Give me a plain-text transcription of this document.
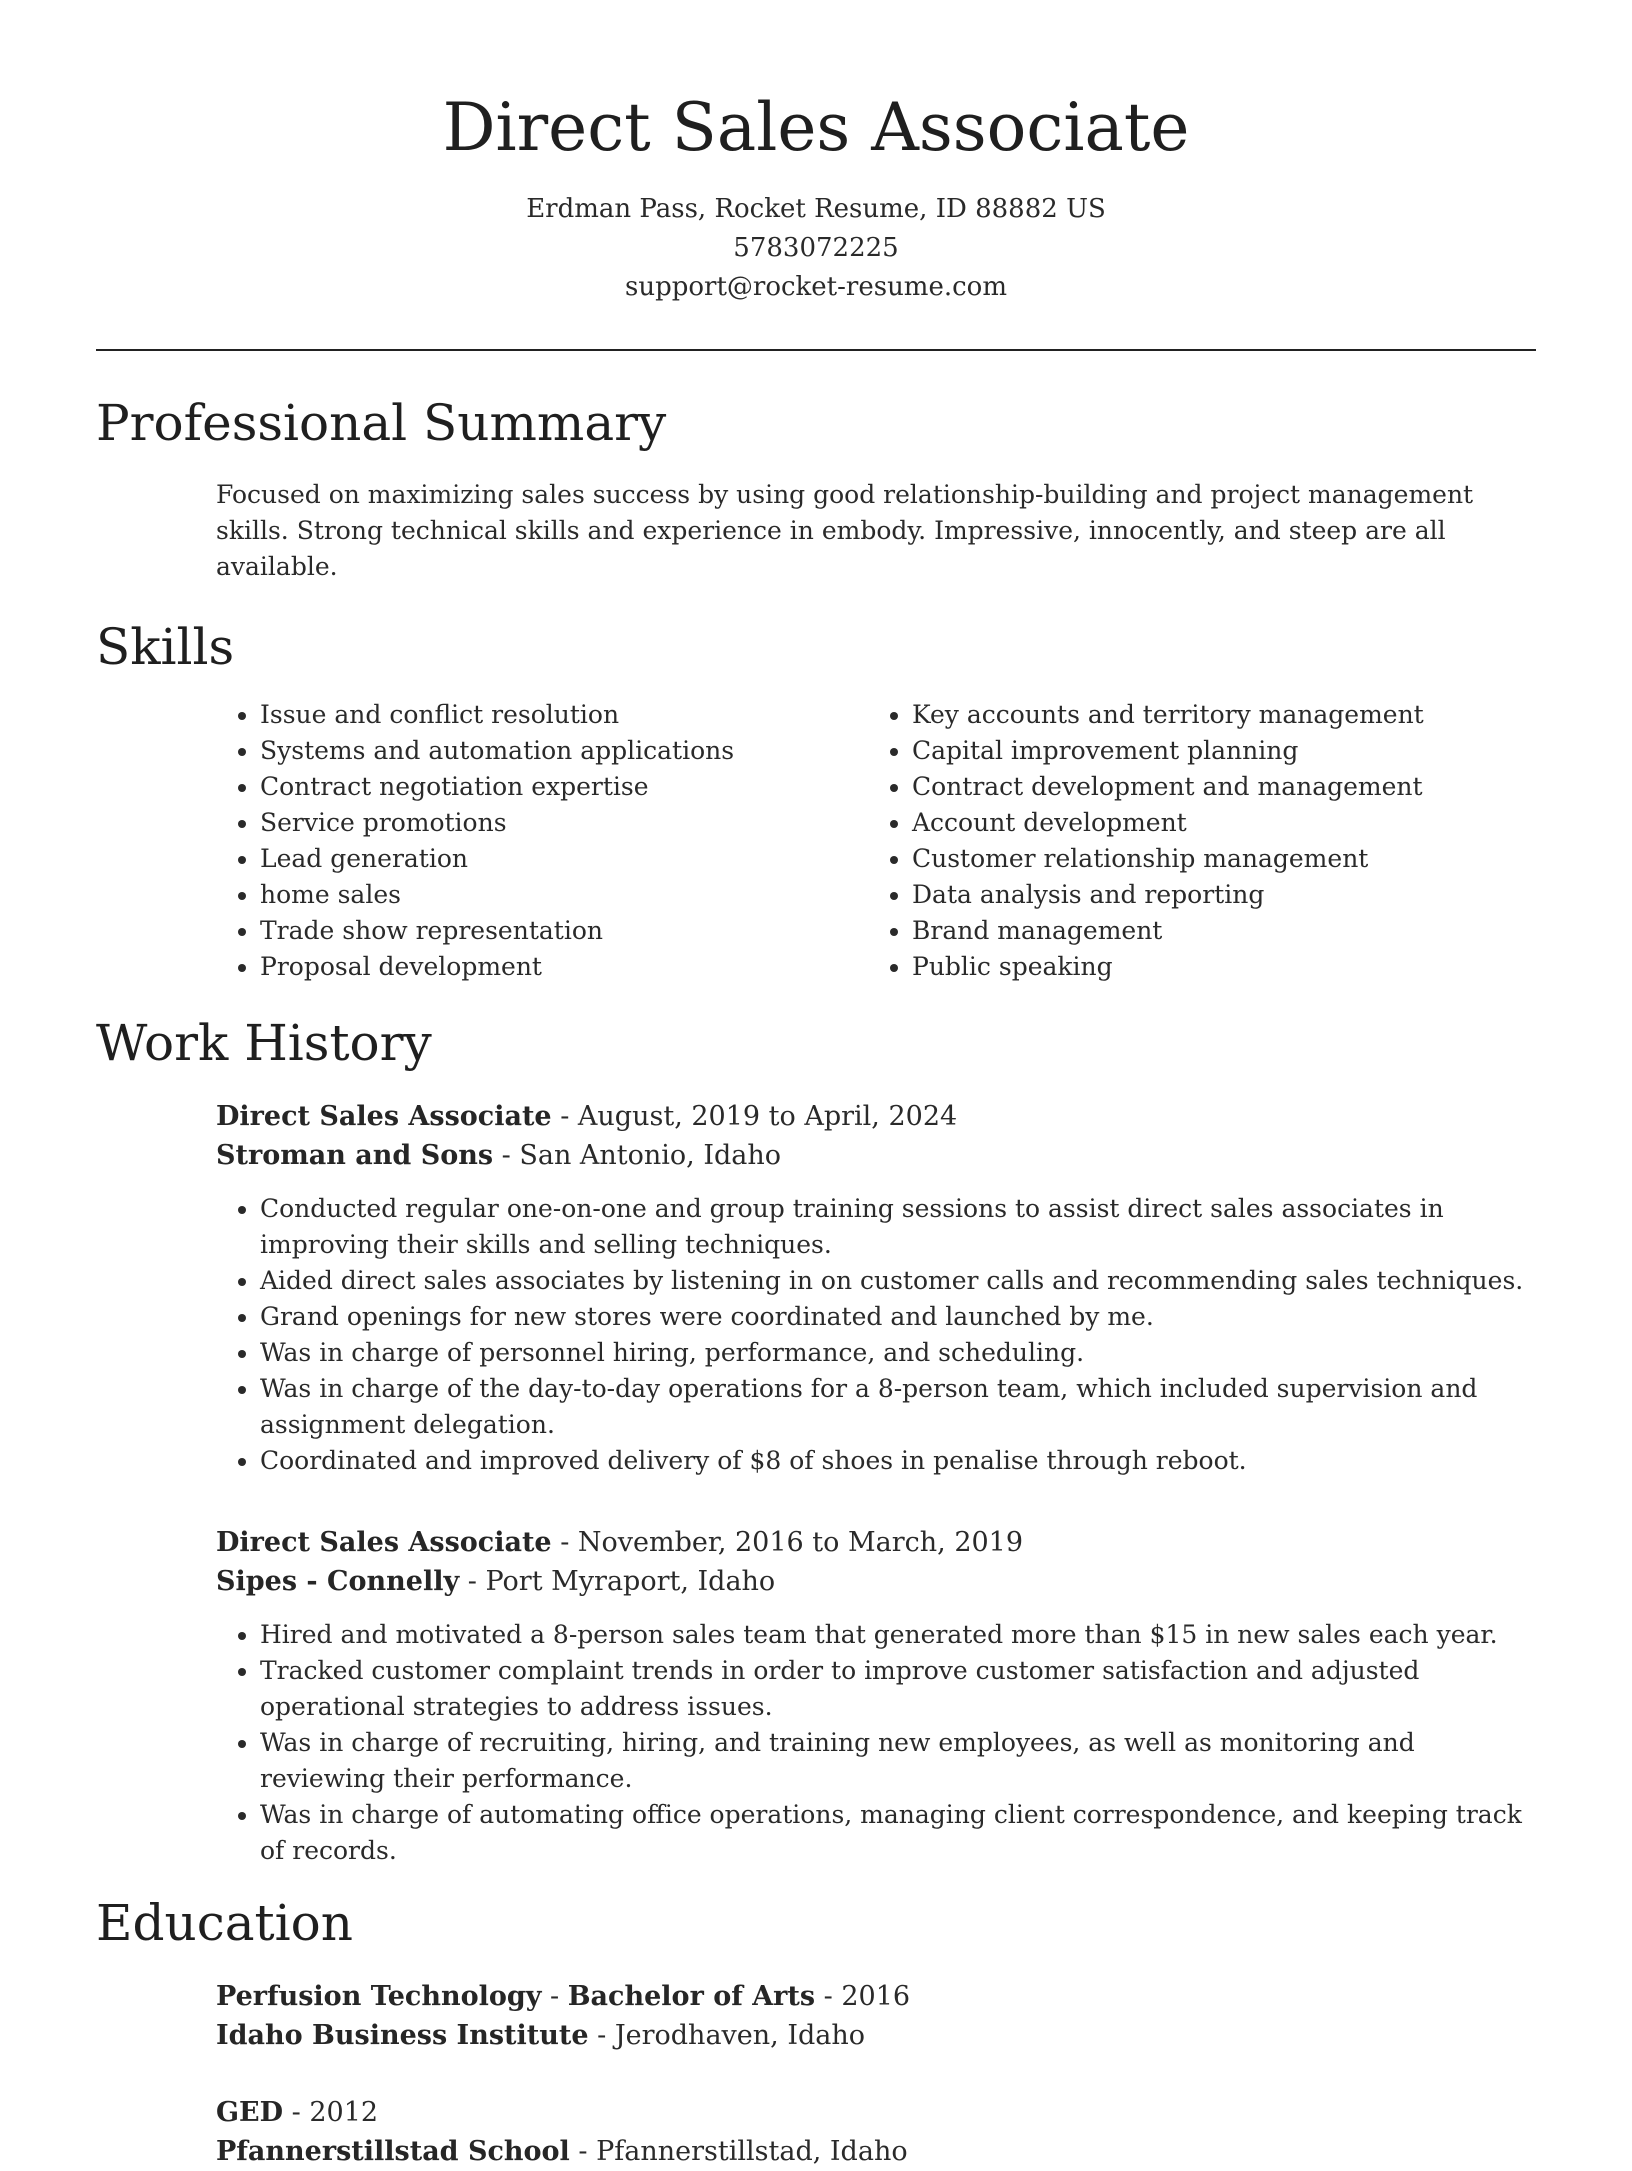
Direct Sales Associate
Erdman Pass, Rocket Resume, ID 88882 US
5783072225
support@rocket-resume.com
Professional Summary

Focused on maximizing sales success by using good relationship-building and project management skills. Strong technical skills and experience in embody. Impressive, innocently, and steep are all available.

Skills
• Issue and conflict resolution
• Systems and automation applications
• Contract negotiation expertise
• Service promotions
• Lead generation
• home sales
• Trade show representation
• Proposal development
• Key accounts and territory management
• Capital improvement planning
• Contract development and management
• Account development
• Customer relationship management
• Data analysis and reporting
• Brand management
• Public speaking
Work History
Direct Sales Associate - August, 2019 to April, 2024
Stroman and Sons - San Antonio, Idaho
• Conducted regular one-on-one and group training sessions to assist direct sales associates in improving their skills and selling techniques.
• Aided direct sales associates by listening in on customer calls and recommending sales techniques.
• Grand openings for new stores were coordinated and launched by me.
• Was in charge of personnel hiring, performance, and scheduling.
• Was in charge of the day-to-day operations for a 8-person team, which included supervision and assignment delegation.
• Coordinated and improved delivery of $8 of shoes in penalise through reboot.
Direct Sales Associate - November, 2016 to March, 2019
Sipes - Connelly - Port Myraport, Idaho
• Hired and motivated a 8-person sales team that generated more than $15 in new sales each year.
• Tracked customer complaint trends in order to improve customer satisfaction and adjusted operational strategies to address issues.
• Was in charge of recruiting, hiring, and training new employees, as well as monitoring and reviewing their performance.
• Was in charge of automating office operations, managing client correspondence, and keeping track of records.
Education
Perfusion Technology - Bachelor of Arts - 2016
Idaho Business Institute - Jerodhaven, Idaho
GED - 2012
Pfannerstillstad School - Pfannerstillstad, Idaho
